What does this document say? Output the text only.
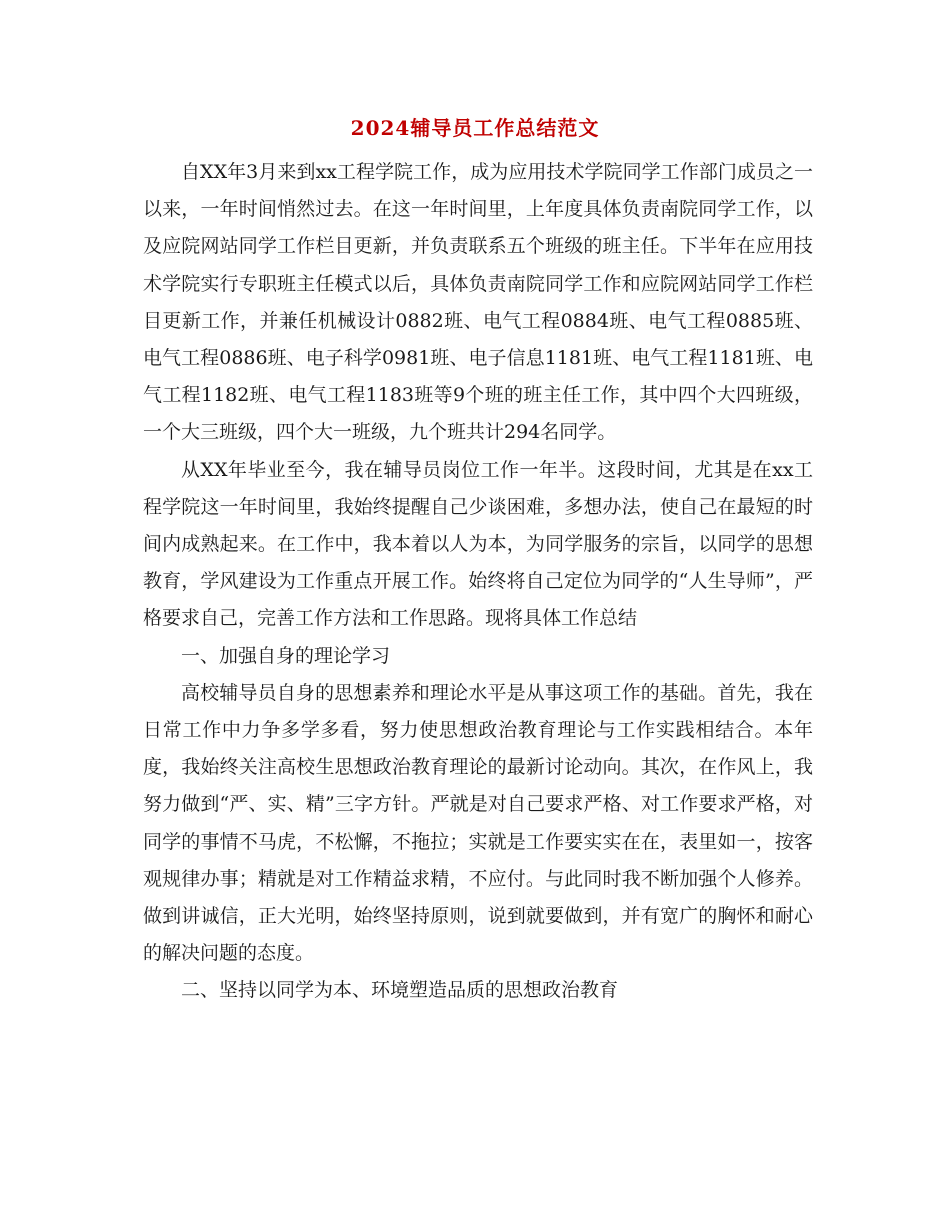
2024辅导员工作总结范文

自XX年3月来到xx工程学院工作，成为应用技术学院同学工作部门成员之一以来，一年时间悄然过去。在这一年时间里，上年度具体负责南院同学工作，以及应院网站同学工作栏目更新，并负责联系五个班级的班主任。下半年在应用技术学院实行专职班主任模式以后，具体负责南院同学工作和应院网站同学工作栏目更新工作，并兼任机械设计0882班、电气工程0884班、电气工程0885班、电气工程0886班、电子科学0981班、电子信息1181班、电气工程1181班、电气工程1182班、电气工程1183班等9个班的班主任工作，其中四个大四班级，一个大三班级，四个大一班级，九个班共计294名同学。

从XX年毕业至今，我在辅导员岗位工作一年半。这段时间，尤其是在xx工程学院这一年时间里，我始终提醒自己少谈困难，多想办法，使自己在最短的时间内成熟起来。在工作中，我本着以人为本，为同学服务的宗旨，以同学的思想教育，学风建设为工作重点开展工作。始终将自己定位为同学的“人生导师”，严格要求自己，完善工作方法和工作思路。现将具体工作总结

一、加强自身的理论学习

高校辅导员自身的思想素养和理论水平是从事这项工作的基础。首先，我在日常工作中力争多学多看，努力使思想政治教育理论与工作实践相结合。本年度，我始终关注高校生思想政治教育理论的最新讨论动向。其次，在作风上，我努力做到“严、实、精”三字方针。严就是对自己要求严格、对工作要求严格，对同学的事情不马虎，不松懈，不拖拉；实就是工作要实实在在，表里如一，按客观规律办事；精就是对工作精益求精，不应付。与此同时我不断加强个人修养。做到讲诚信，正大光明，始终坚持原则，说到就要做到，并有宽广的胸怀和耐心的解决问题的态度。

二、坚持以同学为本、环境塑造品质的思想政治教育
